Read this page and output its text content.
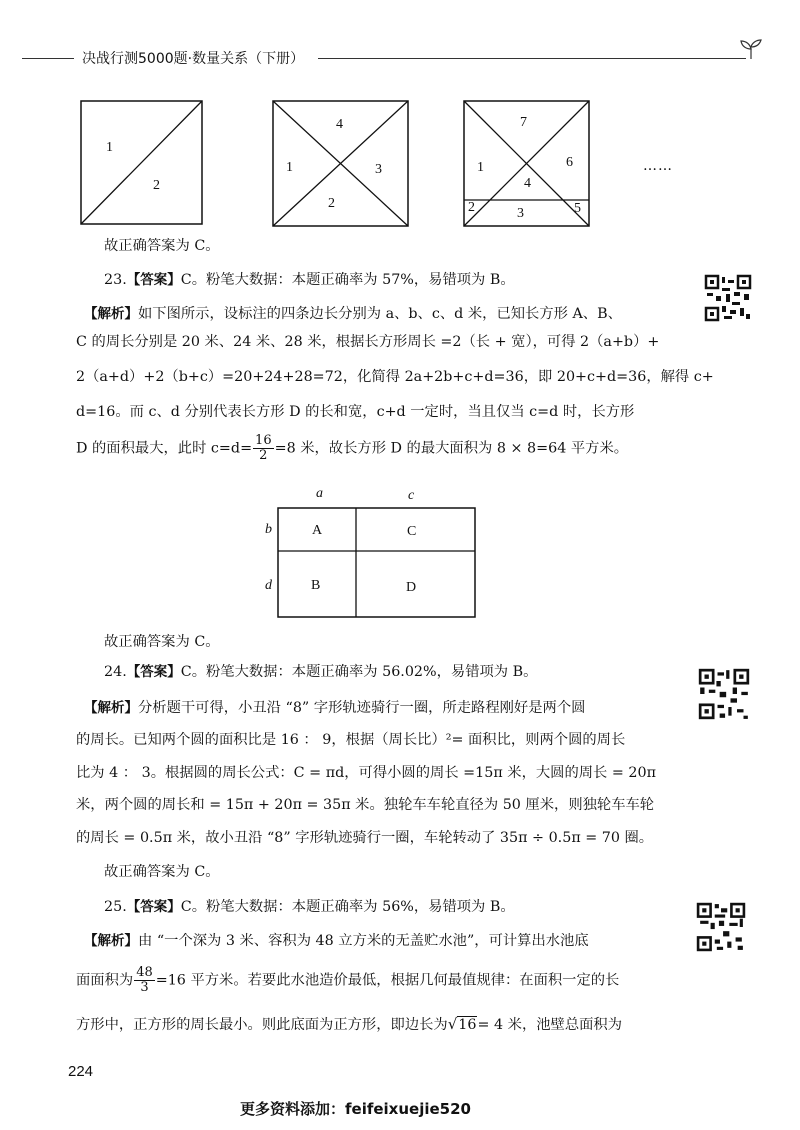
决战行测5000题·数量关系（下册）
1
2
4
1	3
2
7
1	6
4
2	3	5
……
故正确答案为 C。
23.【答案】C。粉笔大数据：本题正确率为 57%，易错项为 B。
【解析】如下图所示，设标注的四条边长分别为 a、b、c、d 米，已知长方形 A、B、
C 的周长分别是 20 米、24 米、28 米，根据长方形周长 =2（长 + 宽），可得 2（a+b）+
2（a+d）+2（b+c）=20+24+28=72，化简得 2a+2b+c+d=36，即 20+c+d=36，解得 c+
d=16。而 c、d 分别代表长方形 D 的长和宽，c+d 一定时，当且仅当 c=d 时，长方形
D 的面积最大，此时 $c=d= \frac{16}{2} =8$ 米，故长方形 D 的最大面积为 8 × 8=64 平方米。
a	c
b
d
A	C
B	D
故正确答案为 C。
24.【答案】C。粉笔大数据：本题正确率为 56.02%，易错项为 B。
【解析】分析题干可得，小丑沿 “8” 字形轨迹骑行一圈，所走路程刚好是两个圆
的周长。已知两个圆的面积比是 16 ： 9，根据（周长比）²= 面积比，则两个圆的周长
比为 4 ： 3。根据圆的周长公式：C = πd，可得小圆的周长 =15π 米，大圆的周长 = 20π
米，两个圆的周长和 = 15π + 20π = 35π 米。独轮车车轮直径为 50 厘米，则独轮车车轮
的周长 = 0.5π 米，故小丑沿 “8” 字形轨迹骑行一圈，车轮转动了 35π ÷ 0.5π = 70 圈。
故正确答案为 C。
25.【答案】C。粉笔大数据：本题正确率为 56%，易错项为 B。
【解析】由 “一个深为 3 米、容积为 48 立方米的无盖贮水池”，可计算出水池底
面面积为 $\frac{48}{3} =16$ 平方米。若要此水池造价最低，根据几何最值规律：在面积一定的长
方形中，正方形的周长最小。则此底面为正方形，即边长为√16= 4 米，池壁总面积为
224
更多资料添加：feifeixuejie520
